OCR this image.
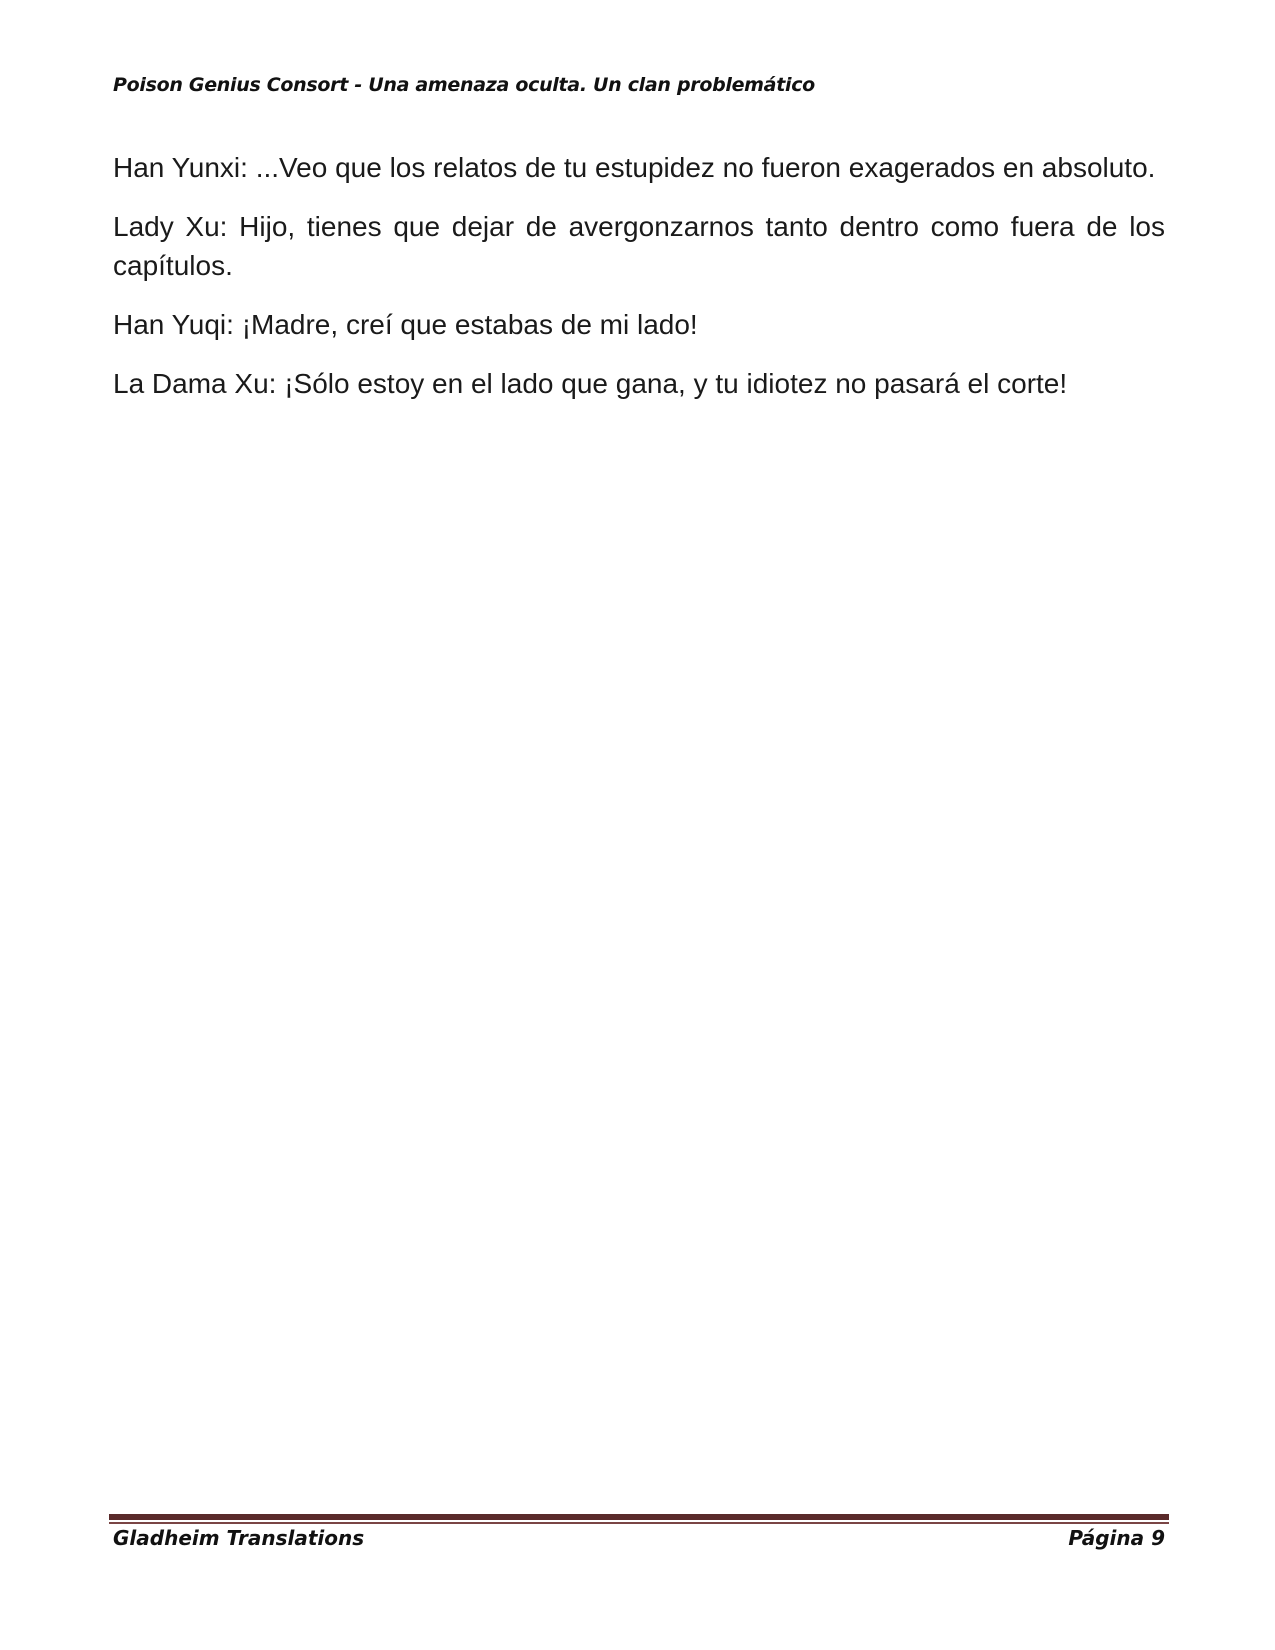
Poison Genius Consort - Una amenaza oculta. Un clan problemático

Han Yunxi: ...Veo que los relatos de tu estupidez no fueron exagerados en absoluto.

Lady Xu: Hijo, tienes que dejar de avergonzarnos tanto dentro como fuera de los capítulos.

Han Yuqi: ¡Madre, creí que estabas de mi lado!

La Dama Xu: ¡Sólo estoy en el lado que gana, y tu idiotez no pasará el corte!

Gladheim Translations	Página 9
